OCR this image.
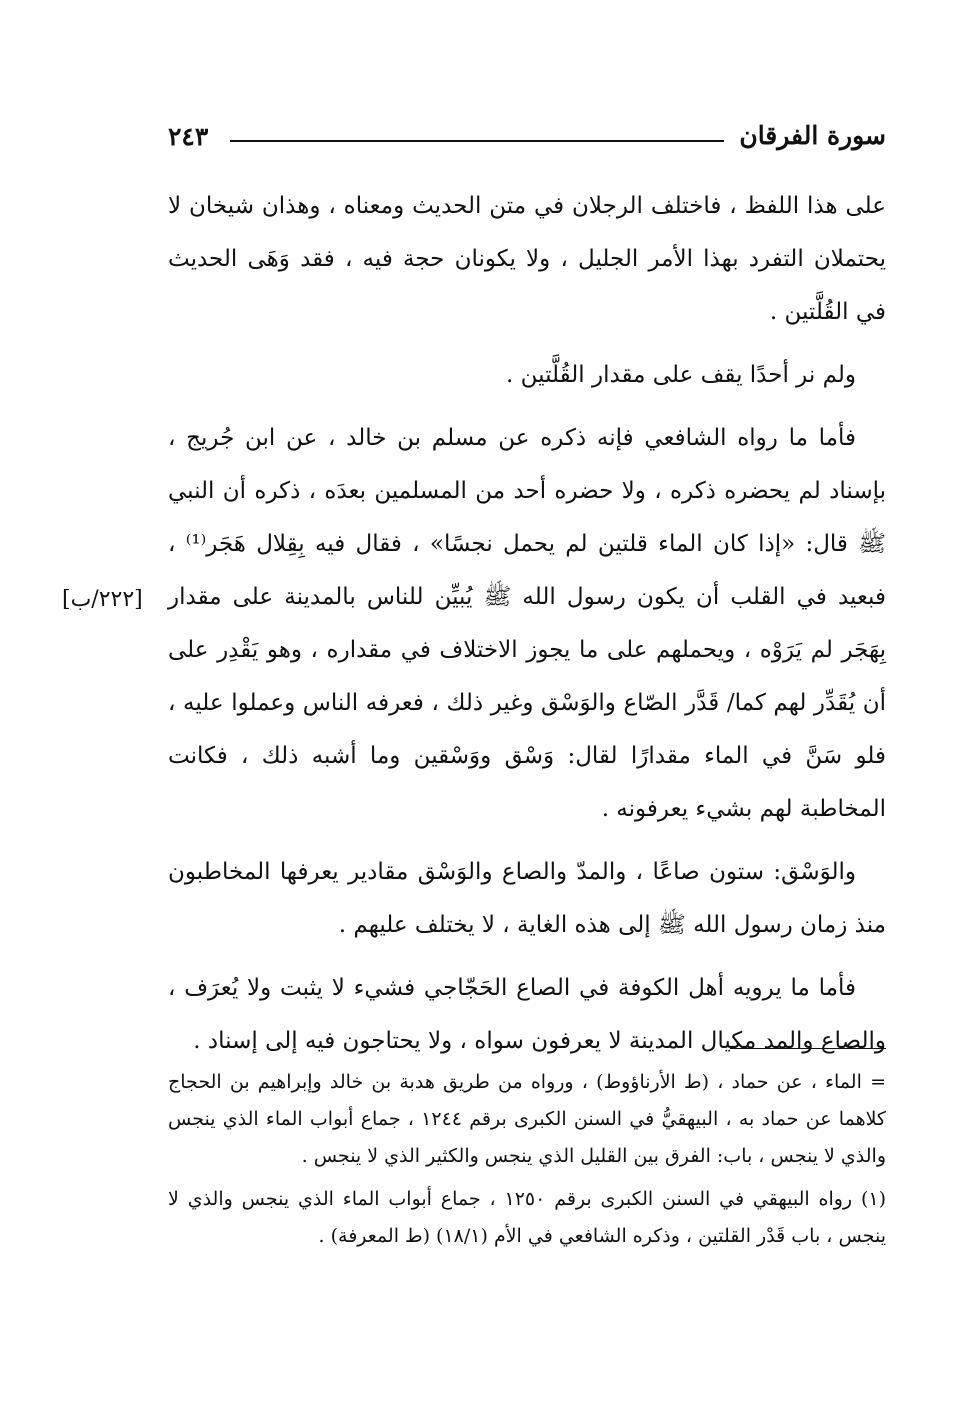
٢٤٣	سورة الفرقان
[٢٢٢/ب]

على هذا اللفظ ، فاختلف الرجلان في متن الحديث ومعناه ، وهذان شيخان لا يحتملان التفرد بهذا الأمر الجليل ، ولا يكونان حجة فيه ، فقد وَهَى الحديث في القُلَّتين .

ولم نر أحدًا يقف على مقدار القُلَّتين .

فأما ما رواه الشافعي فإنه ذكره عن مسلم بن خالد ، عن ابن جُريج ، بإسناد لم يحضره ذكره ، ولا حضره أحد من المسلمين بعدَه ، ذكره أن النبي ﷺ قال: «إذا كان الماء قلتين لم يحمل نجسًا» ، فقال فيه بِقِلال هَجَر⁽¹⁾ ، فبعيد في القلب أن يكون رسول الله ﷺ يُبيِّن للناس بالمدينة على مقدار بِهَجَر لم يَرَوْه ، ويحملهم على ما يجوز الاختلاف في مقداره ، وهو يَقْدِر على أن يُقَدِّر لهم كما/ قَدَّر الصّاع والوَسْق وغير ذلك ، فعرفه الناس وعملوا عليه ، فلو سَنَّ في الماء مقدارًا لقال: وَسْق ووَسْقين وما أشبه ذلك ، فكانت المخاطبة لهم بشيء يعرفونه .

والوَسْق: ستون صاعًا ، والمدّ والصاع والوَسْق مقادير يعرفها المخاطبون منذ زمان رسول الله ﷺ إلى هذه الغاية ، لا يختلف عليهم .

فأما ما يرويه أهل الكوفة في الصاع الحَجّاجي فشيء لا يثبت ولا يُعرَف ، والصاع والمد مكيال المدينة لا يعرفون سواه ، ولا يحتاجون فيه إلى إسناد .

= الماء ، عن حماد ، (ط الأرناؤوط) ، ورواه من طريق هدبة بن خالد وإبراهيم بن الحجاج كلاهما عن حماد به ، البيهقيُّ في السنن الكبرى برقم ١٢٤٤ ، جماع أبواب الماء الذي ينجس والذي لا ينجس ، باب: الفرق بين القليل الذي ينجس والكثير الذي لا ينجس .

(١) رواه البيهقي في السنن الكبرى برقم ١٢٥٠ ، جماع أبواب الماء الذي ينجس والذي لا ينجس ، باب قَدْر القلتين ، وذكره الشافعي في الأم (١٨/١) (ط المعرفة) .
